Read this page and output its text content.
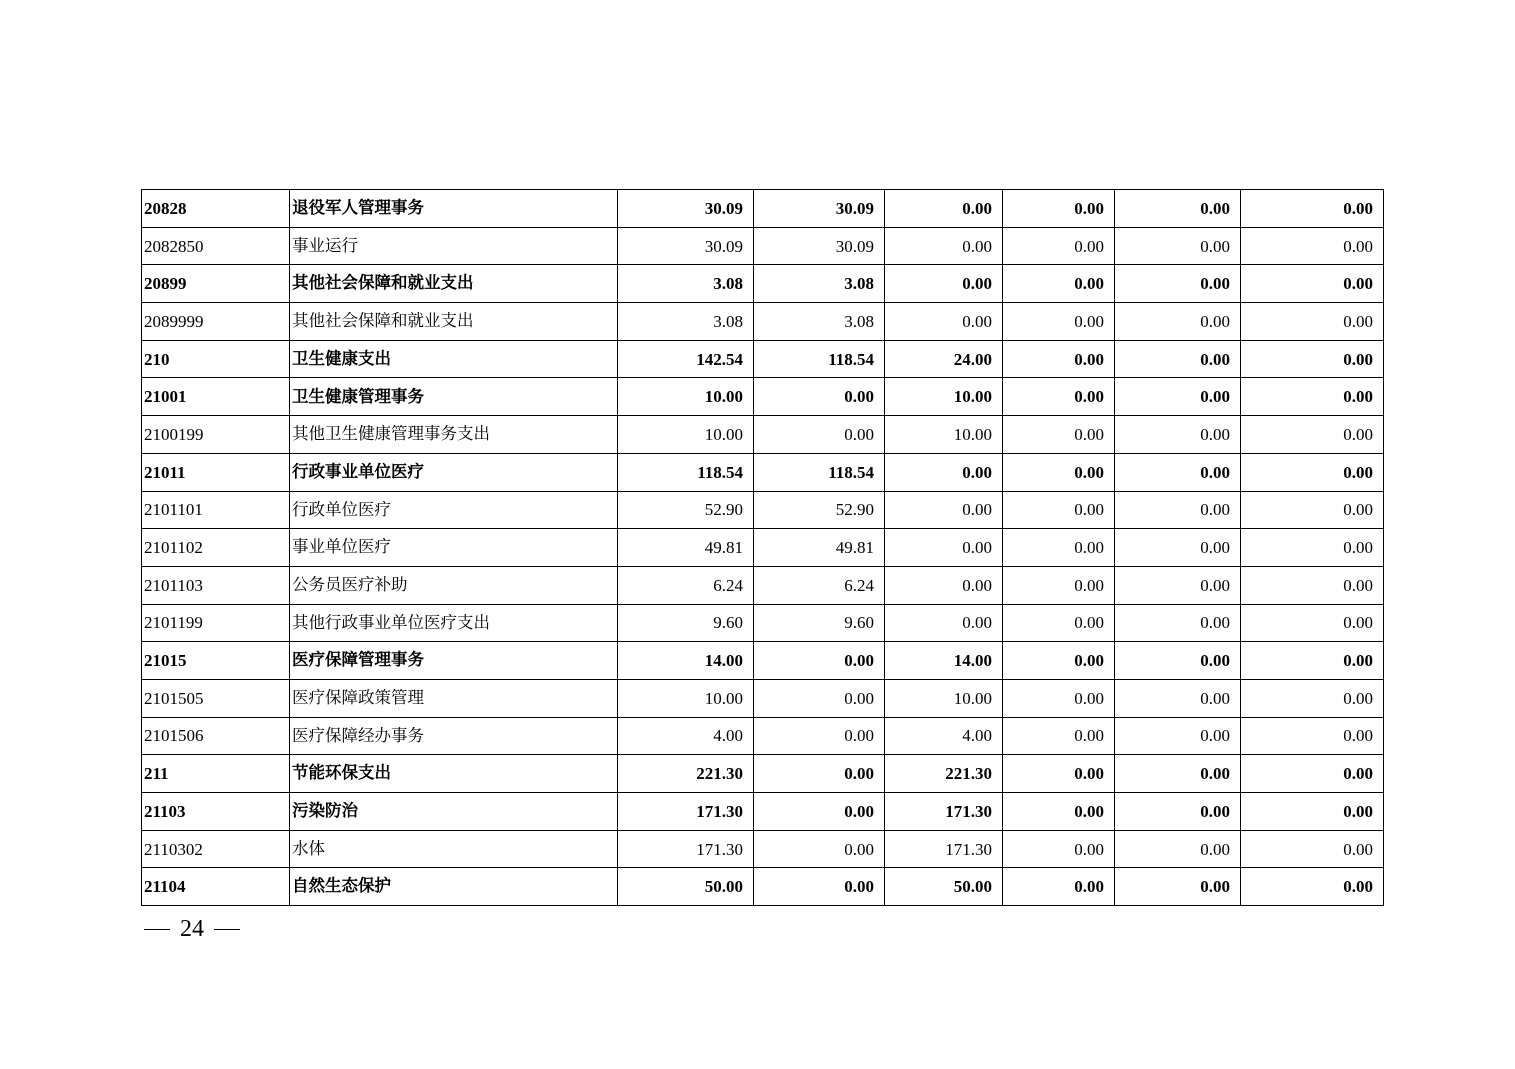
20828	退役军人管理事务	30.09	30.09	0.00	0.00	0.00	0.00
2082850	事业运行	30.09	30.09	0.00	0.00	0.00	0.00
20899	其他社会保障和就业支出	3.08	3.08	0.00	0.00	0.00	0.00
2089999	其他社会保障和就业支出	3.08	3.08	0.00	0.00	0.00	0.00
210	卫生健康支出	142.54	118.54	24.00	0.00	0.00	0.00
21001	卫生健康管理事务	10.00	0.00	10.00	0.00	0.00	0.00
2100199	其他卫生健康管理事务支出	10.00	0.00	10.00	0.00	0.00	0.00
21011	行政事业单位医疗	118.54	118.54	0.00	0.00	0.00	0.00
2101101	行政单位医疗	52.90	52.90	0.00	0.00	0.00	0.00
2101102	事业单位医疗	49.81	49.81	0.00	0.00	0.00	0.00
2101103	公务员医疗补助	6.24	6.24	0.00	0.00	0.00	0.00
2101199	其他行政事业单位医疗支出	9.60	9.60	0.00	0.00	0.00	0.00
21015	医疗保障管理事务	14.00	0.00	14.00	0.00	0.00	0.00
2101505	医疗保障政策管理	10.00	0.00	10.00	0.00	0.00	0.00
2101506	医疗保障经办事务	4.00	0.00	4.00	0.00	0.00	0.00
211	节能环保支出	221.30	0.00	221.30	0.00	0.00	0.00
21103	污染防治	171.30	0.00	171.30	0.00	0.00	0.00
2110302	水体	171.30	0.00	171.30	0.00	0.00	0.00
21104	自然生态保护	50.00	0.00	50.00	0.00	0.00	0.00
24
